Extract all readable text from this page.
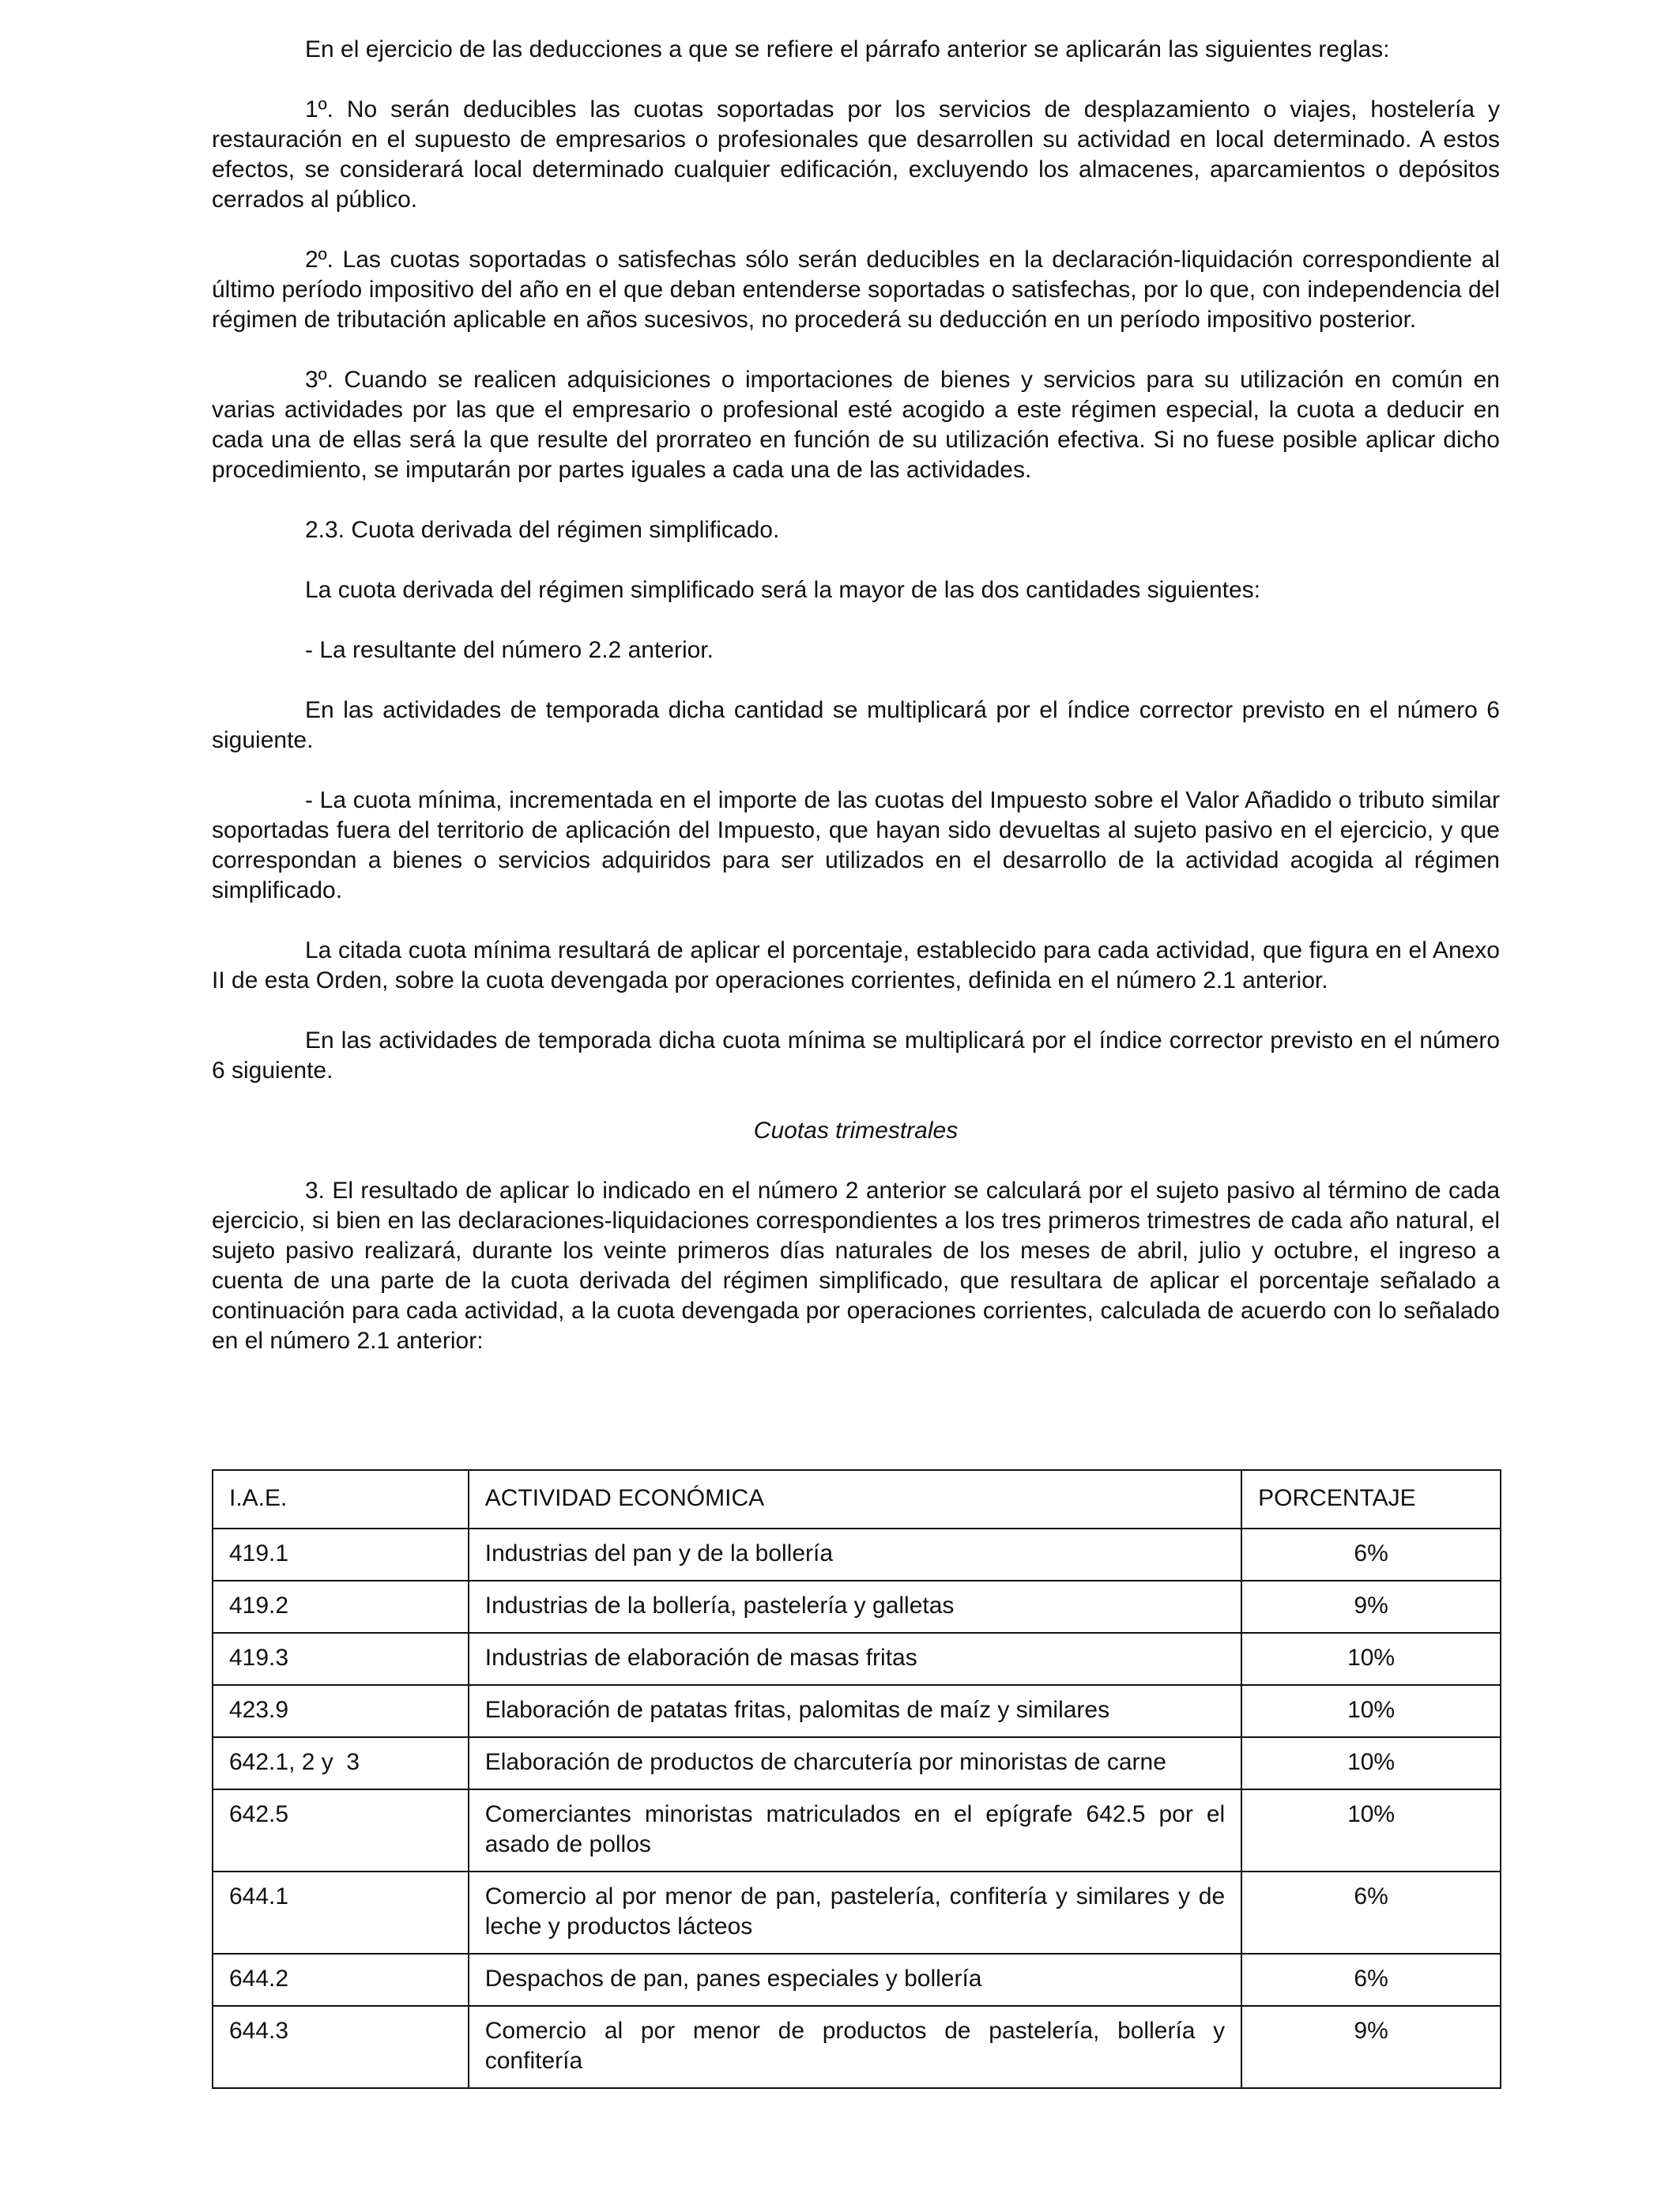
En el ejercicio de las deducciones a que se refiere el párrafo anterior se aplicarán las siguientes reglas:

1º. No serán deducibles las cuotas soportadas por los servicios de desplazamiento o viajes, hostelería y restauración en el supuesto de empresarios o profesionales que desarrollen su actividad en local determinado. A estos efectos, se considerará local determinado cualquier edificación, excluyendo los almacenes, aparcamientos o depósitos cerrados al público.

2º. Las cuotas soportadas o satisfechas sólo serán deducibles en la declaración-liquidación correspondiente al último período impositivo del año en el que deban entenderse soportadas o satisfechas, por lo que, con independencia del régimen de tributación aplicable en años sucesivos, no procederá su deducción en un período impositivo posterior.

3º. Cuando se realicen adquisiciones o importaciones de bienes y servicios para su utilización en común en varias actividades por las que el empresario o profesional esté acogido a este régimen especial, la cuota a deducir en cada una de ellas será la que resulte del prorrateo en función de su utilización efectiva. Si no fuese posible aplicar dicho procedimiento, se imputarán por partes iguales a cada una de las actividades.

2.3. Cuota derivada del régimen simplificado.

La cuota derivada del régimen simplificado será la mayor de las dos cantidades siguientes:

- La resultante del número 2.2 anterior.

En las actividades de temporada dicha cantidad se multiplicará por el índice corrector previsto en el número 6 siguiente.

- La cuota mínima, incrementada en el importe de las cuotas del Impuesto sobre el Valor Añadido o tributo similar soportadas fuera del territorio de aplicación del Impuesto, que hayan sido devueltas al sujeto pasivo en el ejercicio, y que correspondan a bienes o servicios adquiridos para ser utilizados en el desarrollo de la actividad acogida al régimen simplificado.

La citada cuota mínima resultará de aplicar el porcentaje, establecido para cada actividad, que figura en el Anexo II de esta Orden, sobre la cuota devengada por operaciones corrientes, definida en el número 2.1 anterior.

En las actividades de temporada dicha cuota mínima se multiplicará por el índice corrector previsto en el número 6 siguiente.

Cuotas trimestrales

3. El resultado de aplicar lo indicado en el número 2 anterior se calculará por el sujeto pasivo al término de cada ejercicio, si bien en las declaraciones-liquidaciones correspondientes a los tres primeros trimestres de cada año natural, el sujeto pasivo realizará, durante los veinte primeros días naturales de los meses de abril, julio y octubre, el ingreso a cuenta de una parte de la cuota derivada del régimen simplificado, que resultara de aplicar el porcentaje señalado a continuación para cada actividad, a la cuota devengada por operaciones corrientes, calculada de acuerdo con lo señalado en el número 2.1 anterior:

I.A.E.	ACTIVIDAD ECONÓMICA	PORCENTAJE
419.1	Industrias del pan y de la bollería	6%
419.2	Industrias de la bollería, pastelería y galletas	9%
419.3	Industrias de elaboración de masas fritas	10%
423.9	Elaboración de patatas fritas, palomitas de maíz y similares	10%
642.1, 2 y  3	Elaboración de productos de charcutería por minoristas de carne	10%
642.5	Comerciantes minoristas matriculados en el epígrafe 642.5 por el asado de pollos	10%
644.1	Comercio al por menor de pan, pastelería, confitería y similares y de leche y productos lácteos	6%
644.2	Despachos de pan, panes especiales y bollería	6%
644.3	Comercio al por menor de productos de pastelería, bollería y confitería	9%
